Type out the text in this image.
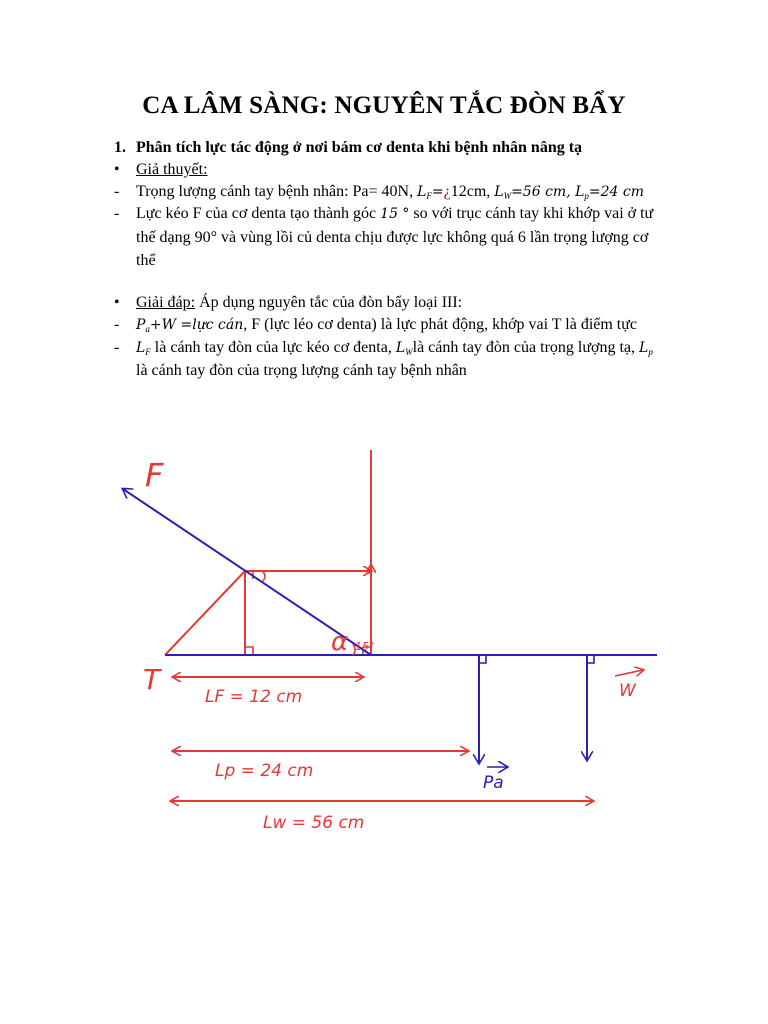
CA LÂM SÀNG: NGUYÊN TẮC ĐÒN BẨY
1. Phân tích lực tác động ở nơi bám cơ denta khi bệnh nhân nâng tạ
•	Giả thuyết:
-	Trọng lượng cánh tay bệnh nhân: Pa= 40N, $L_F=¿12cm$, $L_W=56$ cm, $L_p=24$ cm
-	Lực kéo F của cơ denta tạo thành góc 15 ° so với trục cánh tay khi khớp vai ở tư
thế dạng 90° và vùng lồi củ denta chịu được lực không quá 6 lần trọng lượng cơ
thể
•	Giải đáp: Áp dụng nguyên tắc của đòn bẩy loại III:
-	$P_a+W$ =lực cán, F (lực léo cơ denta) là lực phát động, khớp vai T là điểm tực
-	$L_F$ là cánh tay đòn của lực kéo cơ đenta, $L_Wlà$ cánh tay đòn của trọng lượng tạ, $L_p$
là cánh tay đòn của trọng lượng cánh tay bệnh nhân
F
T
α 15°
LF = 12 cm
Lp = 24 cm
Lw = 56 cm
Pa
W
